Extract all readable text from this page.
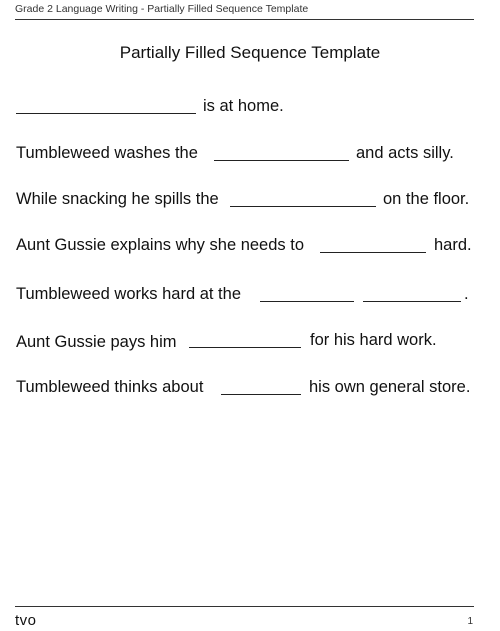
Grade 2 Language Writing - Partially Filled Sequence Template
Partially Filled Sequence Template
is at home.
Tumbleweed washes the	and acts silly.
While snacking he spills the	on the floor.
Aunt Gussie explains why she needs to	hard.
Tumbleweed works hard at the	.
Aunt Gussie pays him	for his hard work.
Tumbleweed thinks about	his own general store.
tvo	1
